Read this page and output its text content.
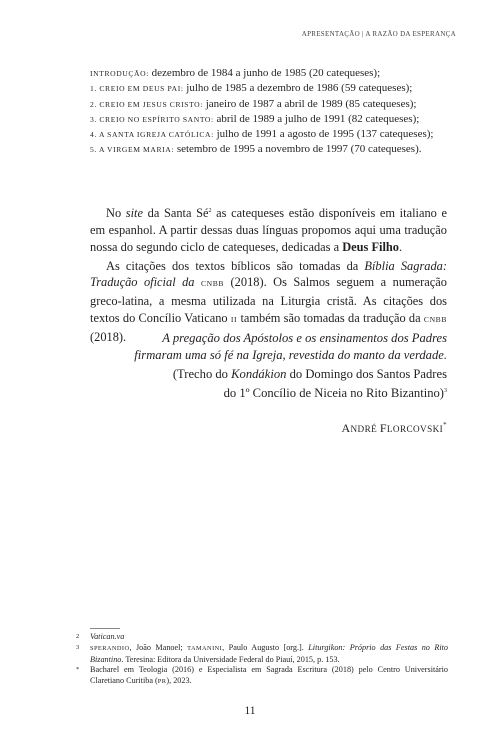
APRESENTAÇÃO | A RAZÃO DA ESPERANÇA

INTRODUÇÃO: dezembro de 1984 a junho de 1985 (20 catequeses);

1. CREIO EM DEUS PAI: julho de 1985 a dezembro de 1986 (59 catequeses);

2. CREIO EM JESUS CRISTO: janeiro de 1987 a abril de 1989 (85 catequeses);

3. CREIO NO ESPÍRITO SANTO: abril de 1989 a julho de 1991 (82 catequeses);

4. A SANTA IGREJA CATÓLICA: julho de 1991 a agosto de 1995 (137 catequeses);

5. A VIRGEM MARIA: setembro de 1995 a novembro de 1997 (70 catequeses).

No site da Santa $Sé^2$ as catequeses estão disponíveis em italiano e em espanhol. A partir dessas duas línguas propomos aqui uma tradução nossa do segundo ciclo de catequeses, dedicadas a Deus Filho.

As citações dos textos bíblicos são tomadas da Bíblia Sagrada: Tradução oficial da CNBB (2018). Os Salmos seguem a numeração greco-latina, a mesma utilizada na Liturgia cristã. As citações dos textos do Concílio Vaticano II também são tomadas da tradução da CNBB (2018).	A pregação dos Apóstolos e os ensinamentos dos Padres

firmaram uma só fé na Igreja, revestida do manto da verdade.

(Trecho do Kondákion do Domingo dos Santos Padres

do 1º Concílio de Niceia no Rito Bizantino)$^3$

ANDRÉ FLORCOVSKI*
2	Vatican.va
3	SPERANDIO, João Manoel; TAMANINI, Paulo Augusto [org.]. Liturgikon: Próprio das Festas no Rito Bizantino. Teresina: Editora da Universidade Federal do Piauí, 2015, p. 153.
*	Bacharel em Teologia (2016) e Especialista em Sagrada Escritura (2018) pelo Centro Universitário Claretiano Curitiba (PR), 2023.
11
